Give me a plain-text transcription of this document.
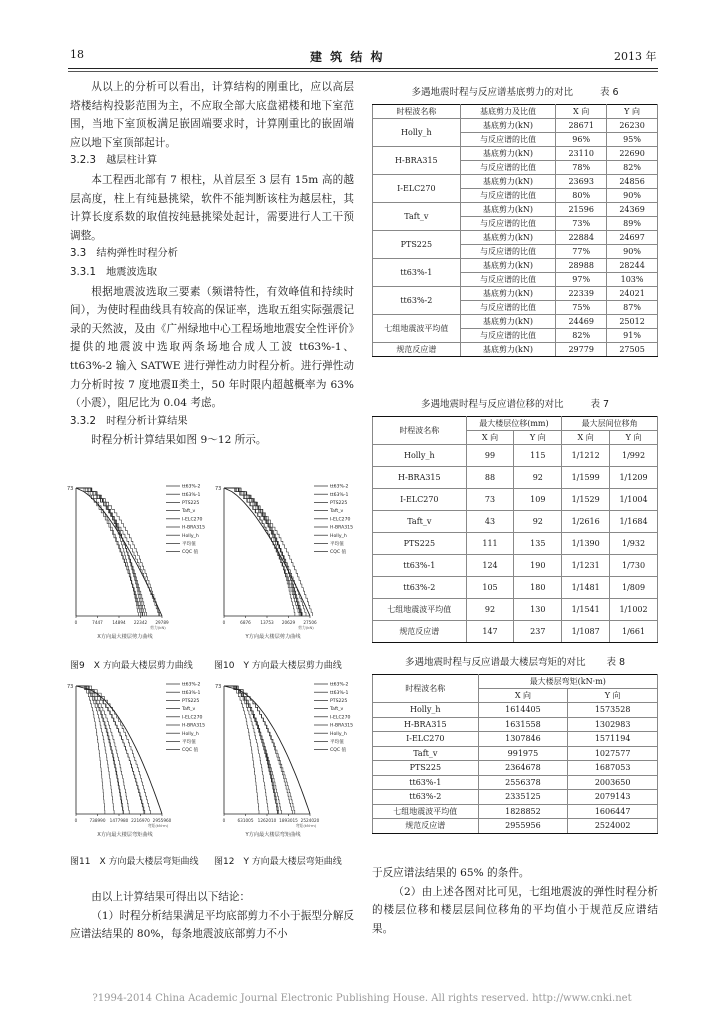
18	建 筑 结 构	2013 年

从以上的分析可以看出，计算结构的刚重比，应以高层塔楼结构投影范围为主，不应取全部大底盘裙楼和地下室范围，当地下室顶板满足嵌固端要求时，计算刚重比的嵌固端应以地下室顶部起计。

3.2.3　越层柱计算

本工程西北部有 7 根柱，从首层至 3 层有 15m 高的越层高度，柱上有纯悬挑梁，软件不能判断该柱为越层柱，其计算长度系数的取值按纯悬挑梁处起计，需要进行人工干预调整。

3.3　结构弹性时程分析

3.3.1　地震波选取

根据地震波选取三要素（频谱特性，有效峰值和持续时间），为使时程曲线具有较高的保证率，选取五组实际强震记录的天然波，及由《广州绿地中心工程场地地震安全性评价》提供的地震波中选取两条场地合成人工波 tt63%-1、tt63%-2 输入 SATWE 进行弹性动力时程分析。进行弹性动力分析时按 7 度地震Ⅱ类土，50 年时限内超越概率为 63%（小震），阻尼比为 0.04 考虑。

3.3.2　时程分析计算结果

时程分析计算结果如图 9～12 所示。

73
0	7447 14894 22342 29789
剪力(kN)
X方向最大楼层剪力曲线
tt63%-2
tt63%-1
PTS225
Taft_v
I-ELC270
H-BRA315
Holly_h
平均值
CQC 值
73
0	6876 13753 20629 27506
剪力(kN)
Y方向最大楼层剪力曲线
tt63%-2
tt63%-1
PTS225
Taft_v
I-ELC270
H-BRA315
Holly_h
平均值
CQC 值
图9　X 方向最大楼层剪力曲线 图10　Y 方向最大楼层剪力曲线
73
0	738990 1477980 2216970 2955960
弯矩(kN·m)
X方向最大楼层弯矩曲线
tt63%-2
tt63%-1
PTS225
Taft_v
I-ELC270
H-BRA315
Holly_h
平均值
CQC 值
73
0	631005 1262010 1893015 2524020
弯矩(kN·m)
Y方向最大楼层弯矩曲线
tt63%-2
tt63%-1
PTS225
Taft_v
I-ELC270
H-BRA315
Holly_h
平均值
CQC 值
图11　X 方向最大楼层弯矩曲线 图12　Y 方向最大楼层弯矩曲线

由以上计算结果可得出以下结论：

（1）时程分析结果满足平均底部剪力不小于振型分解反应谱法结果的 80%，每条地震波底部剪力不小

多遇地震时程与反应谱基底剪力的对比	表 6
时程波名称	基底剪力及比值	X 向	Y 向
Holly_h	基底剪力(kN)	28671	26230
	与反应谱的比值	96%	95%
H-BRA315	基底剪力(kN)	23110	22690
	与反应谱的比值	78%	82%
I-ELC270	基底剪力(kN)	23693	24856
	与反应谱的比值	80%	90%
Taft_v	基底剪力(kN)	21596	24369
	与反应谱的比值	73%	89%
PTS225	基底剪力(kN)	22884	24697
	与反应谱的比值	77%	90%
tt63%-1	基底剪力(kN)	28988	28244
	与反应谱的比值	97%	103%
tt63%-2	基底剪力(kN)	22339	24021
	与反应谱的比值	75%	87%
七组地震波平均值	基底剪力(kN)	24469	25012
	与反应谱的比值	82%	91%
规范反应谱	基底剪力(kN)	29779	27505
多遇地震时程与反应谱位移的对比	表 7
时程波名称	最大楼层位移(mm)		最大层间位移角	
	X 向	Y 向	X 向	Y 向
Holly_h	99	115	1/1212	1/992
H-BRA315	88	92	1/1599	1/1209
I-ELC270	73	109	1/1529	1/1004
Taft_v	43	92	1/2616	1/1684
PTS225	111	135	1/1390	1/932
tt63%-1	124	190	1/1231	1/730
tt63%-2	105	180	1/1481	1/809
七组地震波平均值	92	130	1/1541	1/1002
规范反应谱	147	237	1/1087	1/661
多遇地震时程与反应谱最大楼层弯矩的对比 表 8
时程波名称	最大楼层弯矩(kN·m)	
	X 向	Y 向
Holly_h	1614405	1573528
H-BRA315	1631558	1302983
I-ELC270	1307846	1571194
Taft_v	991975	1027577
PTS225	2364678	1687053
tt63%-1	2556378	2003650
tt63%-2	2335125	2079143
七组地震波平均值	1828852	1606447
规范反应谱	2955956	2524002

于反应谱法结果的 65% 的条件。

（2）由上述各图对比可见，七组地震波的弹性时程分析的楼层位移和楼层层间位移角的平均值小于规范反应谱结果。

?1994-2014 China Academic Journal Electronic Publishing House. All rights reserved. http://www.cnki.net
